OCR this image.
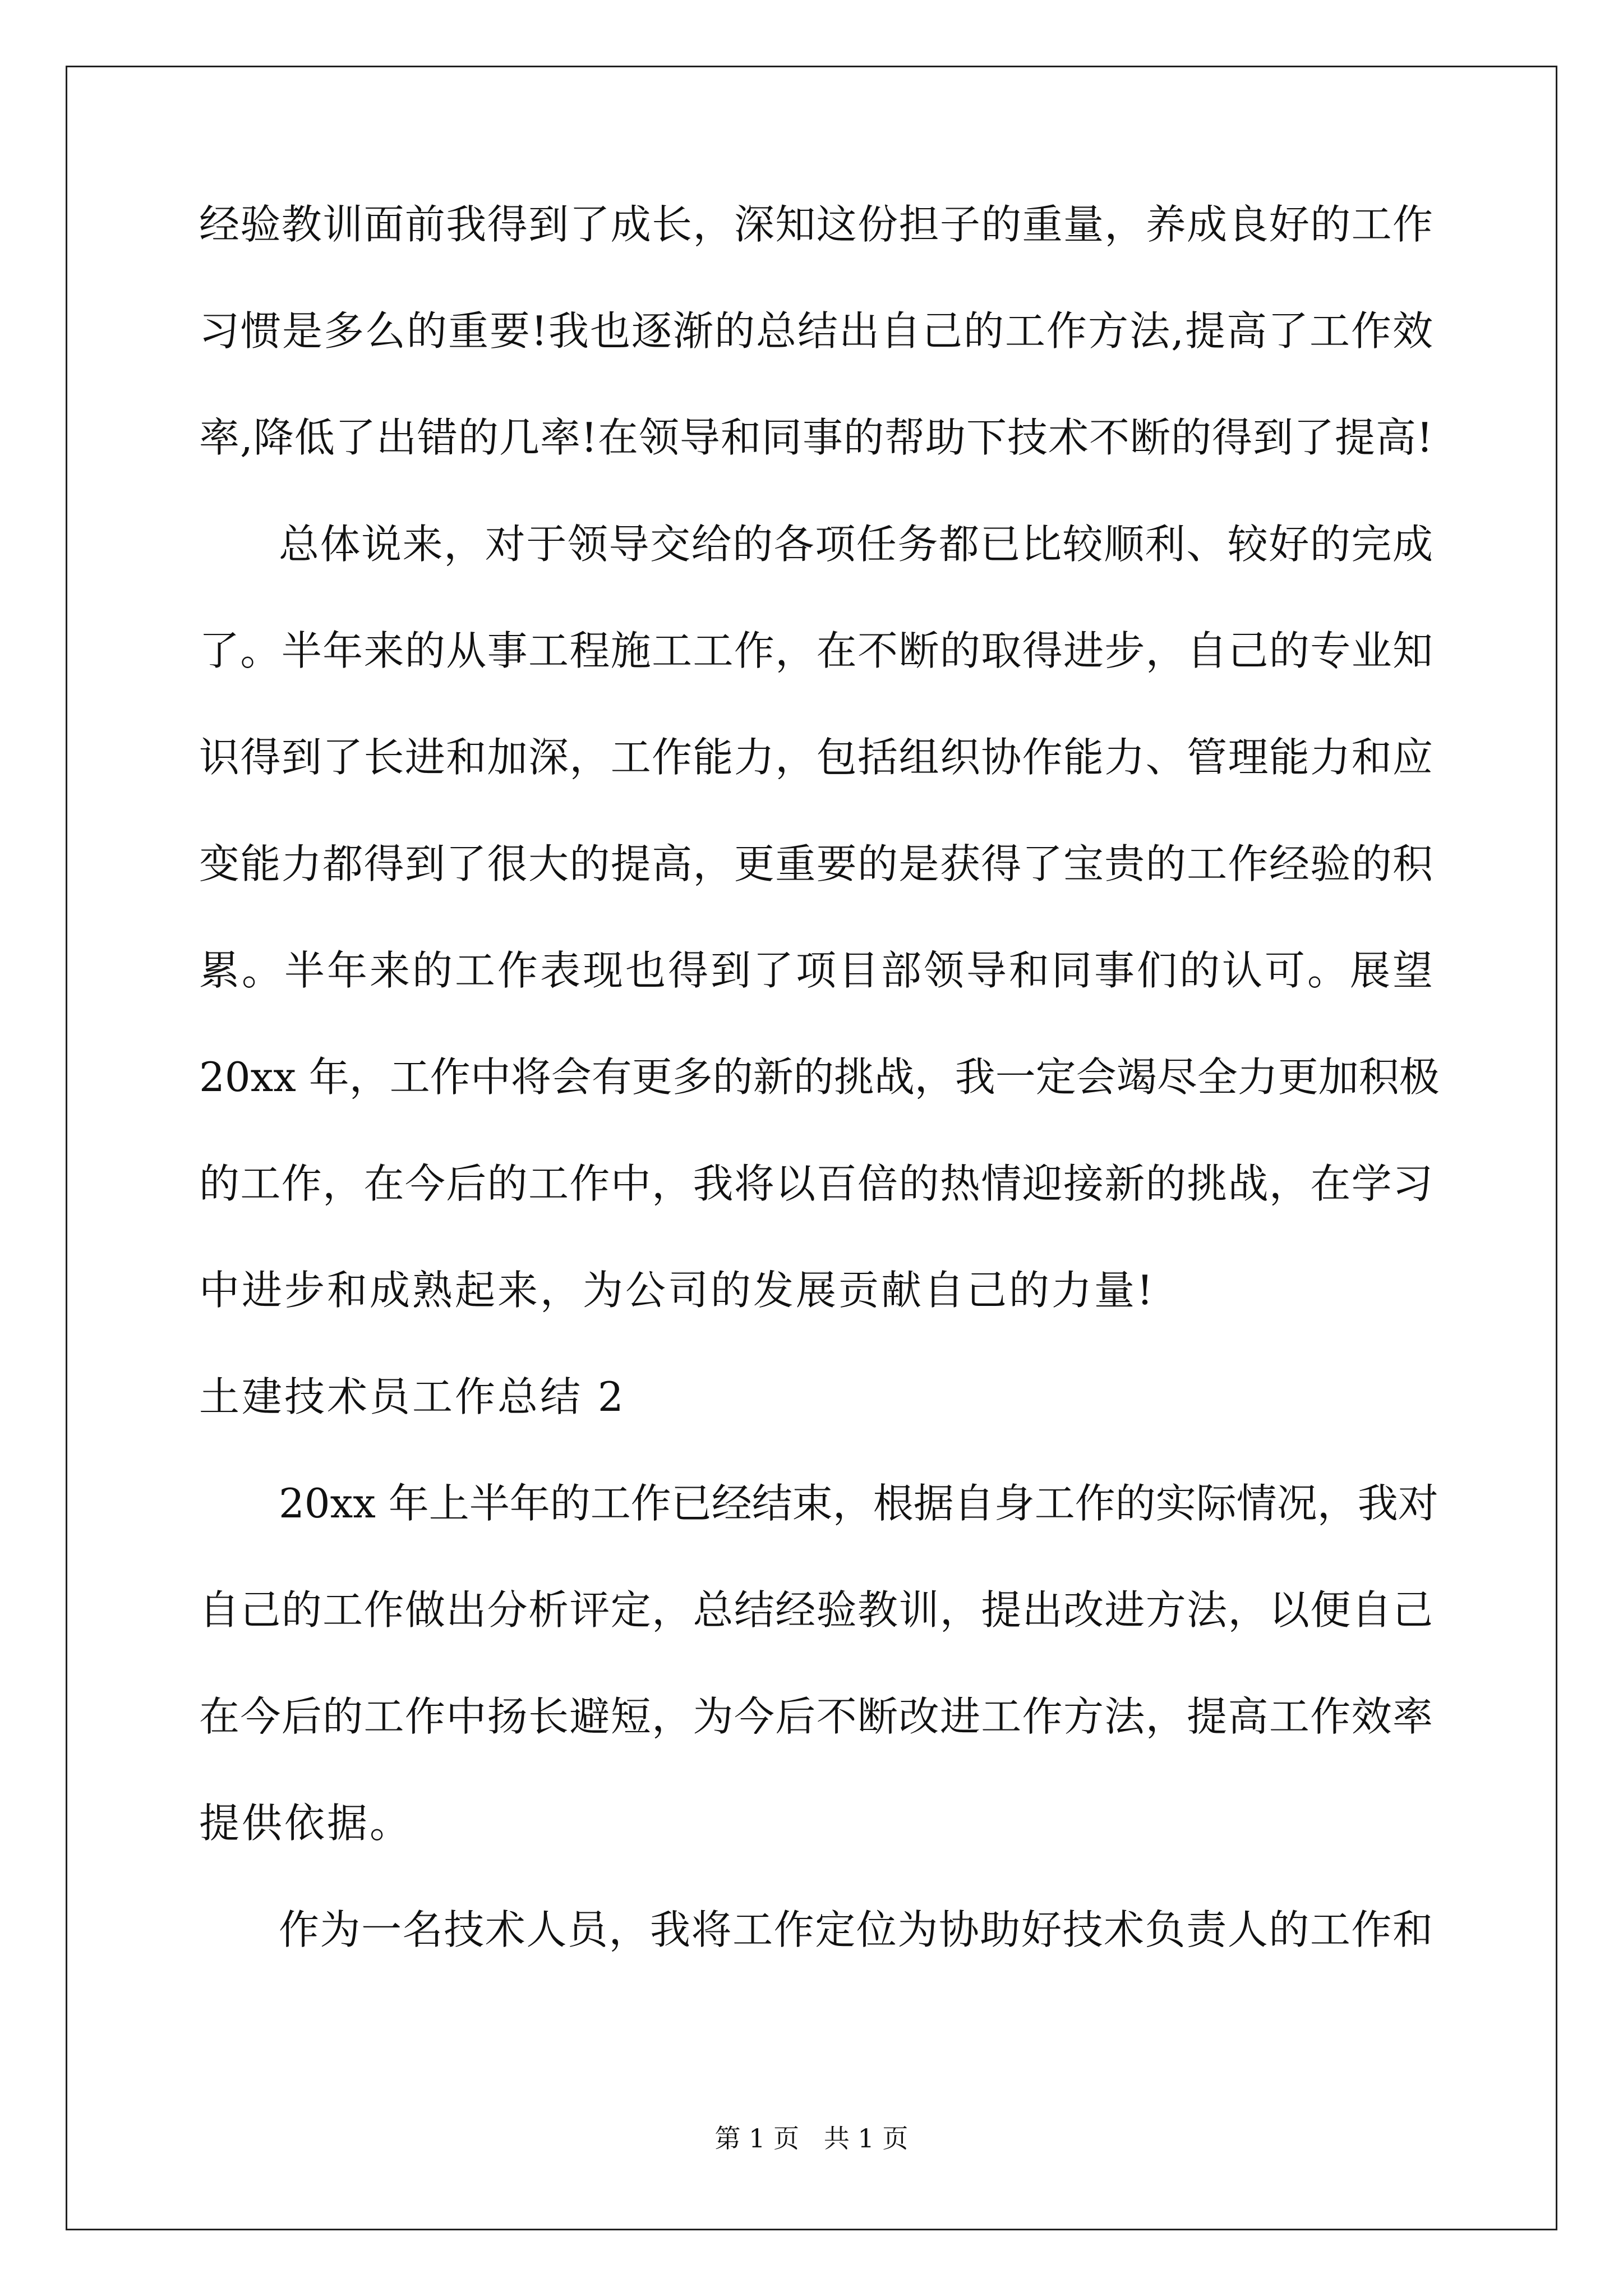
经验教训面前我得到了成长，深知这份担子的重量，养成良好的工作
习惯是多么的重要!我也逐渐的总结出自己的工作方法,提高了工作效
率,降低了出错的几率!在领导和同事的帮助下技术不断的得到了提高!
总体说来，对于领导交给的各项任务都已比较顺利、较好的完成
了。半年来的从事工程施工工作，在不断的取得进步，自己的专业知
识得到了长进和加深，工作能力，包括组织协作能力、管理能力和应
变能力都得到了很大的提高，更重要的是获得了宝贵的工作经验的积
累。半年来的工作表现也得到了项目部领导和同事们的认可。展望
20xx 年，工作中将会有更多的新的挑战，我一定会竭尽全力更加积极
的工作，在今后的工作中，我将以百倍的热情迎接新的挑战，在学习
中进步和成熟起来，为公司的发展贡献自己的力量!
土建技术员工作总结 2
20xx 年上半年的工作已经结束，根据自身工作的实际情况，我对
自己的工作做出分析评定，总结经验教训，提出改进方法，以便自己
在今后的工作中扬长避短，为今后不断改进工作方法，提高工作效率
提供依据。
作为一名技术人员，我将工作定位为协助好技术负责人的工作和
第 1 页   共 1 页
